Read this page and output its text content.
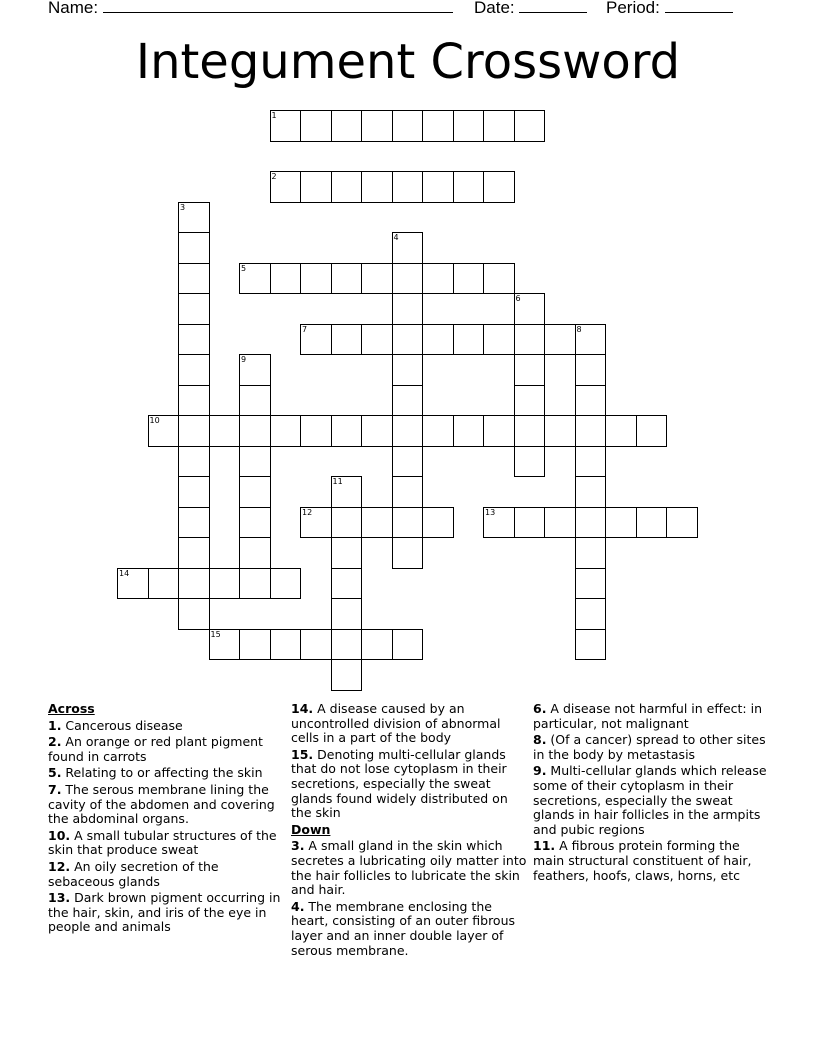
Name:	Date:	Period:
Integument Crossword
1
2
3
4
5
6
7	8
9
10
11
12	13
14
15
Across
1. Cancerous disease
2. An orange or red plant pigment found in carrots
5. Relating to or affecting the skin
7. The serous membrane lining the cavity of the abdomen and covering the abdominal organs.
10. A small tubular structures of the skin that produce sweat
12. An oily secretion of the sebaceous glands
13. Dark brown pigment occurring in the hair, skin, and iris of the eye in people and animals
14. A disease caused by an uncontrolled division of abnormal cells in a part of the body
15. Denoting multi-cellular glands that do not lose cytoplasm in their secretions, especially the sweat glands found widely distributed on the skin
Down
3. A small gland in the skin which secretes a lubricating oily matter into the hair follicles to lubricate the skin and hair.
4. The membrane enclosing the heart, consisting of an outer fibrous layer and an inner double layer of serous membrane.
6. A disease not harmful in effect: in particular, not malignant
8. (Of a cancer) spread to other sites in the body by metastasis
9. Multi-cellular glands which release some of their cytoplasm in their secretions, especially the sweat glands in hair follicles in the armpits and pubic regions
11. A fibrous protein forming the main structural constituent of hair, feathers, hoofs, claws, horns, etc
